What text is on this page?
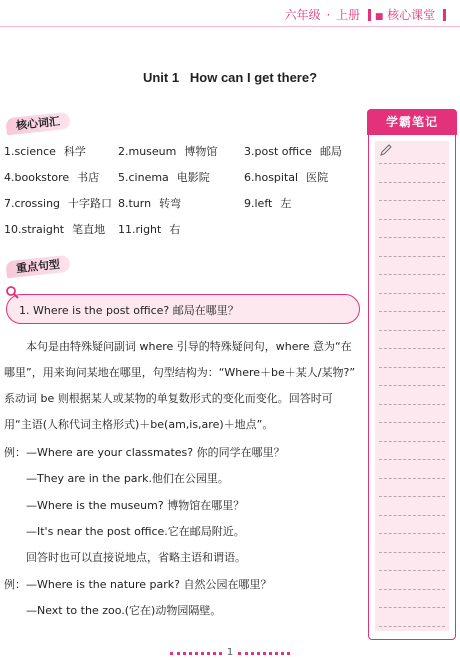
六年级 · 上册 ■ 核心课堂
Unit 1   How can I get there?
核心词汇
1.science 科学	2.museum 博物馆 3.post office 邮局
4.bookstore 书店 5.cinema 电影院	6.hospital 医院
7.crossing 十字路口 8.turn 转弯	9.left 左
10.straight 笔直地 11.right 右
重点句型
1. Where is the post office? 邮局在哪里？
　　本句是由特殊疑问副词 where 引导的特殊疑问句，where 意为“在
哪里”，用来询问某地在哪里，句型结构为：“Where＋be＋某人/某物?”
系动词 be 则根据某人或某物的单复数形式的变化而变化。回答时可
用“主语(人称代词主格形式)＋be(am,is,are)＋地点”。
例：—Where are your classmates? 你的同学在哪里？
　　—They are in the park.他们在公园里。
　　—Where is the museum? 博物馆在哪里？
　　—It's near the post office.它在邮局附近。
　　回答时也可以直接说地点，省略主语和谓语。
例：—Where is the nature park? 自然公园在哪里？
　　—Next to the zoo.(它在)动物园隔壁。
学霸笔记
1
